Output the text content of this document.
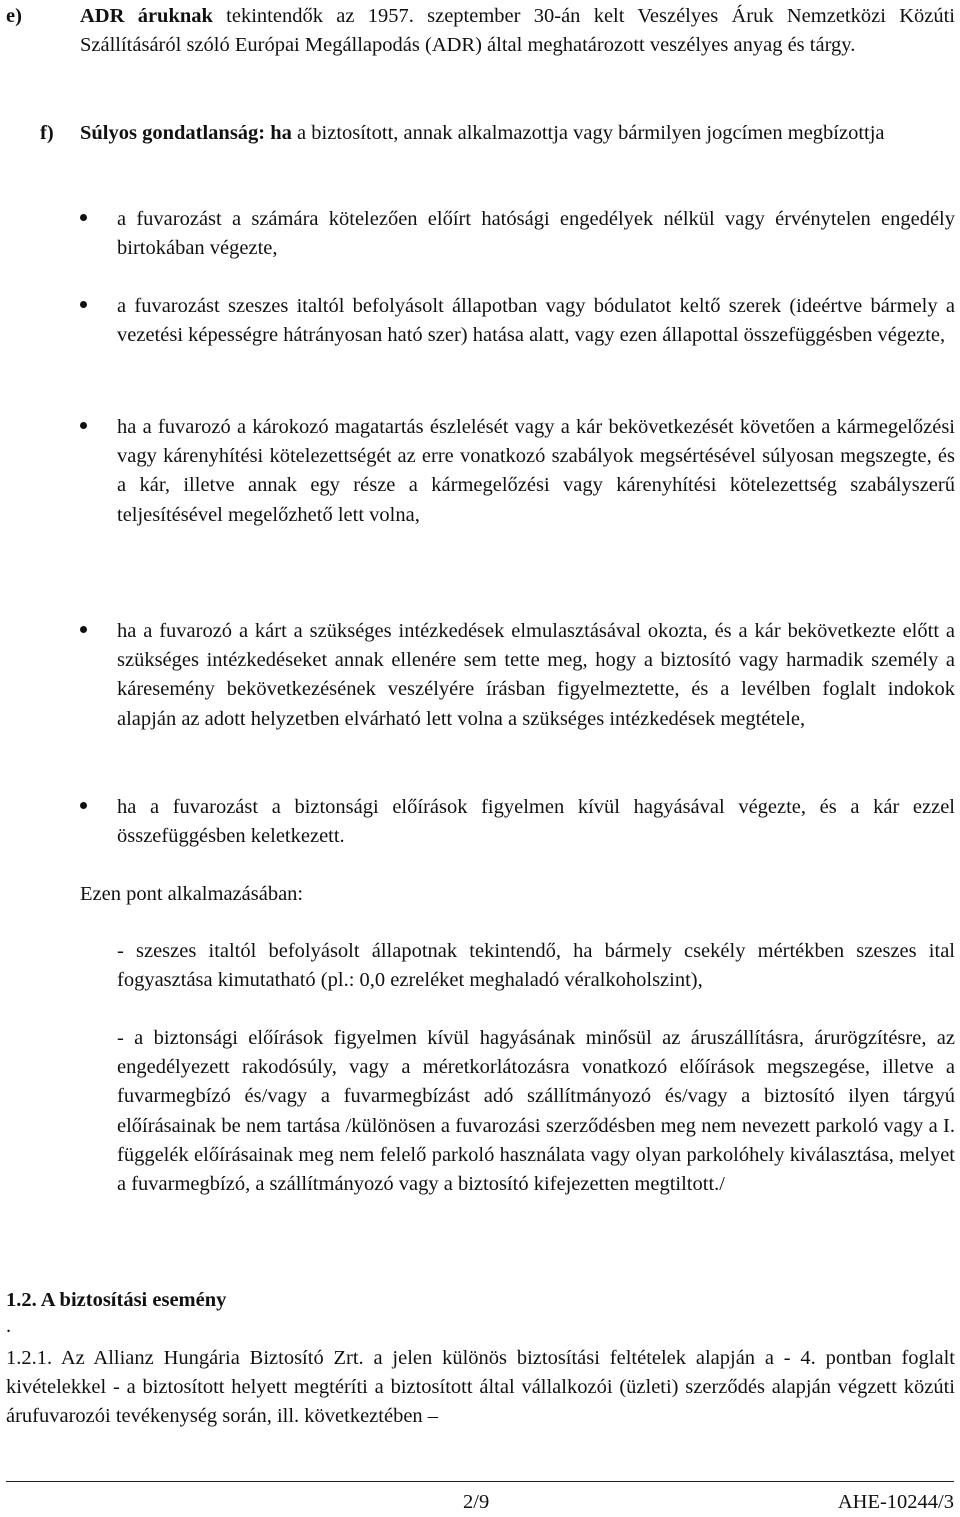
e)	ADR áruknak tekintendők az 1957. szeptember 30-án kelt Veszélyes Áruk Nemzetközi Közúti Szállításáról szóló Európai Megállapodás (ADR) által meghatározott veszélyes anyag és tárgy.
f) Súlyos gondatlanság: ha a biztosított, annak alkalmazottja vagy bármilyen jogcímen megbízottja
a fuvarozást a számára kötelezően előírt hatósági engedélyek nélkül vagy érvénytelen engedély birtokában végezte,
a fuvarozást szeszes italtól befolyásolt állapotban vagy bódulatot keltő szerek (ideértve bármely a vezetési képességre hátrányosan ható szer) hatása alatt, vagy ezen állapottal összefüggésben végezte,
ha a fuvarozó a károkozó magatartás észlelését vagy a kár bekövetkezését követően a kármegelőzési vagy kárenyhítési kötelezettségét az erre vonatkozó szabályok megsértésével súlyosan megszegte, és a kár, illetve annak egy része a kármegelőzési vagy kárenyhítési kötelezettség szabályszerű teljesítésével megelőzhető lett volna,
ha a fuvarozó a kárt a szükséges intézkedések elmulasztásával okozta, és a kár bekövetkezte előtt a szükséges intézkedéseket annak ellenére sem tette meg, hogy a biztosító vagy harmadik személy a káresemény bekövetkezésének veszélyére írásban figyelmeztette, és a levélben foglalt indokok alapján az adott helyzetben elvárható lett volna a szükséges intézkedések megtétele,
ha a fuvarozást a biztonsági előírások figyelmen kívül hagyásával végezte, és a kár ezzel összefüggésben keletkezett.
Ezen pont alkalmazásában:
- szeszes italtól befolyásolt állapotnak tekintendő, ha bármely csekély mértékben szeszes ital fogyasztása kimutatható (pl.: 0,0 ezreléket meghaladó véralkoholszint),
- a biztonsági előírások figyelmen kívül hagyásának minősül az áruszállításra, árurögzítésre, az engedélyezett rakodósúly, vagy a méretkorlátozásra vonatkozó előírások megszegése, illetve a fuvarmegbízó és/vagy a fuvarmegbízást adó szállítmányozó és/vagy a biztosító ilyen tárgyú előírásainak be nem tartása /különösen a fuvarozási szerződésben meg nem nevezett parkoló vagy a I. függelék előírásainak meg nem felelő parkoló használata vagy olyan parkolóhely kiválasztása, melyet a fuvarmegbízó, a szállítmányozó vagy a biztosító kifejezetten megtiltott./
1.2. A biztosítási esemény
.
1.2.1. Az Allianz Hungária Biztosító Zrt. a jelen különös biztosítási feltételek alapján a - 4. pontban foglalt kivételekkel - a biztosított helyett megtéríti a biztosított által vállalkozói (üzleti) szerződés alapján végzett közúti árufuvarozói tevékenység során, ill. következtében –
2/9	AHE-10244/3
